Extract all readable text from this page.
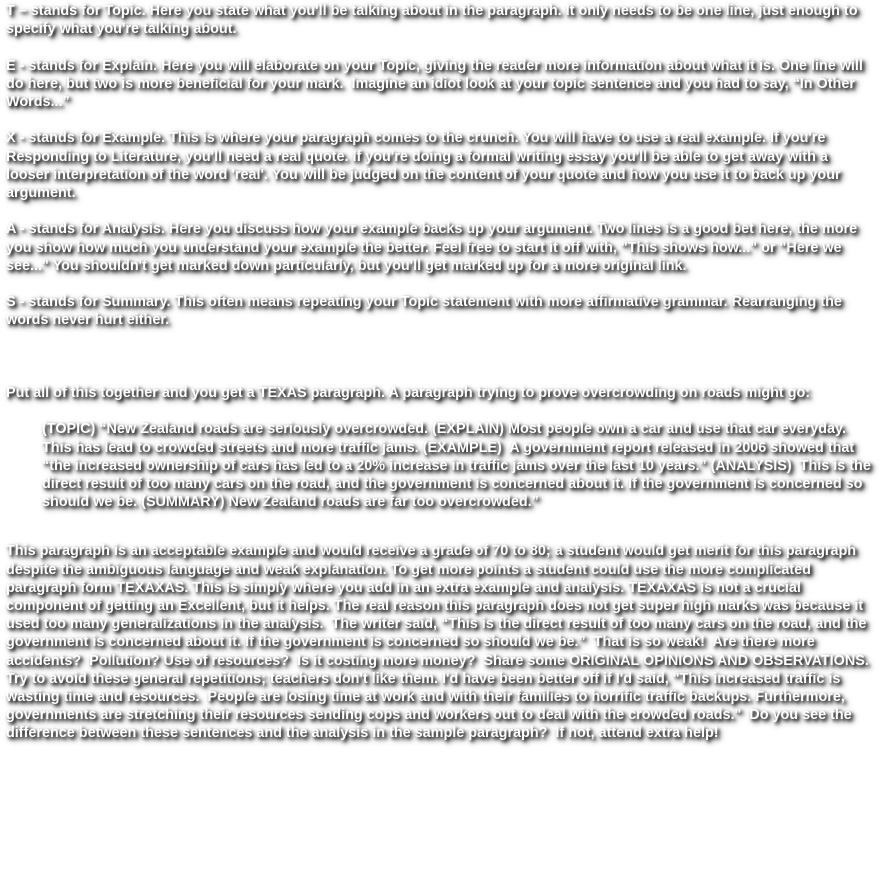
T – stands for Topic. Here you state what you'll be talking about in the paragraph. It only needs to be one line, just enough to specify what you're talking about.

E - stands for Explain. Here you will elaborate on your Topic, giving the reader more information about what it is. One line will do here, but two is more beneficial for your mark.  Imagine an idiot look at your topic sentence and you had to say, “In Other Words...”

X - stands for Example. This is where your paragraph comes to the crunch. You will have to use a real example. If you're Responding to Literature, you'll need a real quote. If you're doing a formal writing essay you'll be able to get away with a looser interpretation of the word 'real'. You will be judged on the content of your quote and how you use it to back up your argument.

A - stands for Analysis. Here you discuss how your example backs up your argument. Two lines is a good bet here, the more you show how much you understand your example the better. Feel free to start it off with, "This shows how..." or "Here we see..." You shouldn't get marked down particularly, but you'll get marked up for a more original link.

S - stands for Summary. This often means repeating your Topic statement with more affirmative grammar. Rearranging the words never hurt either.

Put all of this together and you get a TEXAS paragraph. A paragraph trying to prove overcrowding on roads might go:

(TOPIC) “New Zealand roads are seriously overcrowded. (EXPLAIN) Most people own a car and use that car everyday.  This has lead to crowded streets and more traffic jams. (EXAMPLE)  A government report released in 2006 showed that “the increased ownership of cars has led to a 20% increase in traffic jams over the last 10 years.” (ANALYSIS)  This is the direct result of too many cars on the road, and the government is concerned about it. If the government is concerned so should we be. (SUMMARY) New Zealand roads are far too overcrowded.”

This paragraph is an acceptable example and would receive a grade of 70 to 80; a student would get merit for this paragraph despite the ambiguous language and weak explanation. To get more points a student could use the more complicated paragraph form TEXAXAS. This is simply where you add in an extra example and analysis. TEXAXAS is not a crucial component of getting an Excellent, but it helps. The real reason this paragraph does not get super high marks was because it used too many generalizations in the analysis.  The writer said, “This is the direct result of too many cars on the road, and the government is concerned about it. If the government is concerned so should we be.”  That is so weak!  Are there more accidents?  Pollution? Use of resources?  Is it costing more money?  Share some ORIGINAL OPINIONS AND OBSERVATIONS.  Try to avoid these general repetitions; teachers don't like them. I'd have been better off if I'd said, "This increased traffic is wasting time and resources.  People are losing time at work and with their families to horrific traffic backups. Furthermore, governments are stretching their resources sending cops and workers out to deal with the crowded roads."  Do you see the difference between these sentences and the analysis in the sample paragraph?  If not, attend extra help!
